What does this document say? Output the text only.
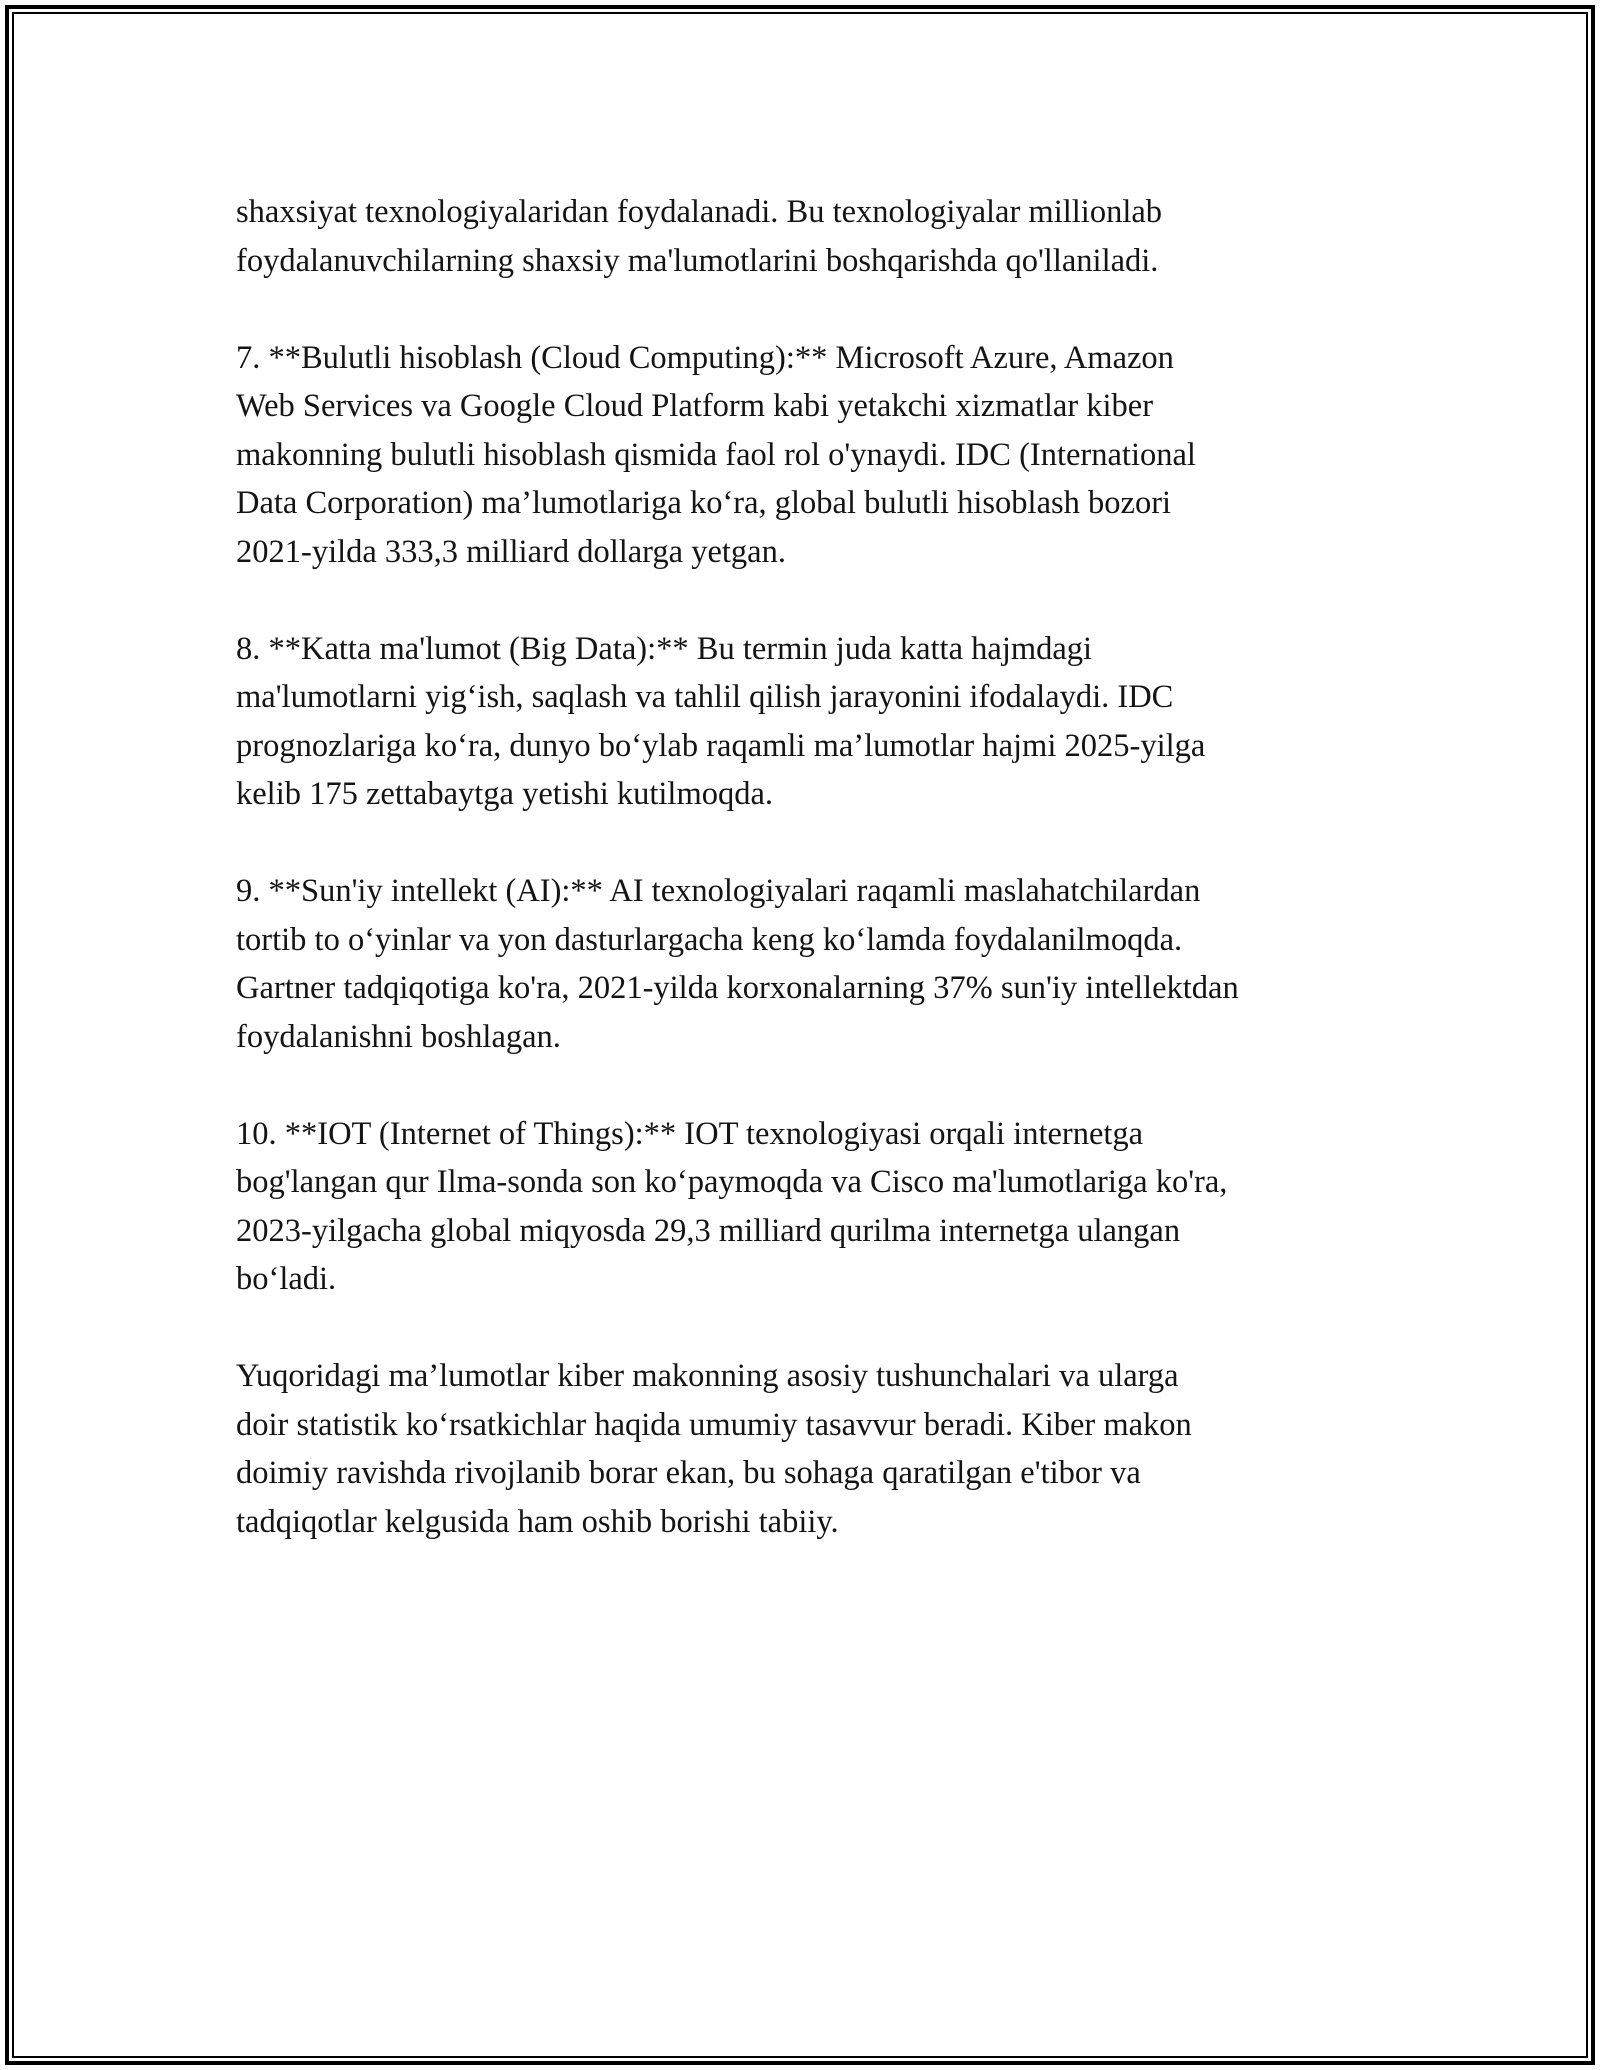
shaxsiyat texnologiyalaridan foydalanadi. Bu texnologiyalar millionlab
foydalanuvchilarning shaxsiy ma'lumotlarini boshqarishda qo'llaniladi.

7. **Bulutli hisoblash (Cloud Computing):** Microsoft Azure, Amazon
Web Services va Google Cloud Platform kabi yetakchi xizmatlar kiber
makonning bulutli hisoblash qismida faol rol o'ynaydi. IDC (International
Data Corporation) ma’lumotlariga ko‘ra, global bulutli hisoblash bozori
2021-yilda 333,3 milliard dollarga yetgan.

8. **Katta ma'lumot (Big Data):** Bu termin juda katta hajmdagi
ma'lumotlarni yig‘ish, saqlash va tahlil qilish jarayonini ifodalaydi. IDC
prognozlariga ko‘ra, dunyo bo‘ylab raqamli ma’lumotlar hajmi 2025-yilga
kelib 175 zettabaytga yetishi kutilmoqda.

9. **Sun'iy intellekt (AI):** AI texnologiyalari raqamli maslahatchilardan
tortib to o‘yinlar va yon dasturlargacha keng ko‘lamda foydalanilmoqda.
Gartner tadqiqotiga ko'ra, 2021-yilda korxonalarning 37% sun'iy intellektdan
foydalanishni boshlagan.

10. **IOT (Internet of Things):** IOT texnologiyasi orqali internetga
bog'langan qur Ilma-sonda son ko‘paymoqda va Cisco ma'lumotlariga ko'ra,
2023-yilgacha global miqyosda 29,3 milliard qurilma internetga ulangan
bo‘ladi.

Yuqoridagi ma’lumotlar kiber makonning asosiy tushunchalari va ularga
doir statistik ko‘rsatkichlar haqida umumiy tasavvur beradi. Kiber makon
doimiy ravishda rivojlanib borar ekan, bu sohaga qaratilgan e'tibor va
tadqiqotlar kelgusida ham oshib borishi tabiiy.
